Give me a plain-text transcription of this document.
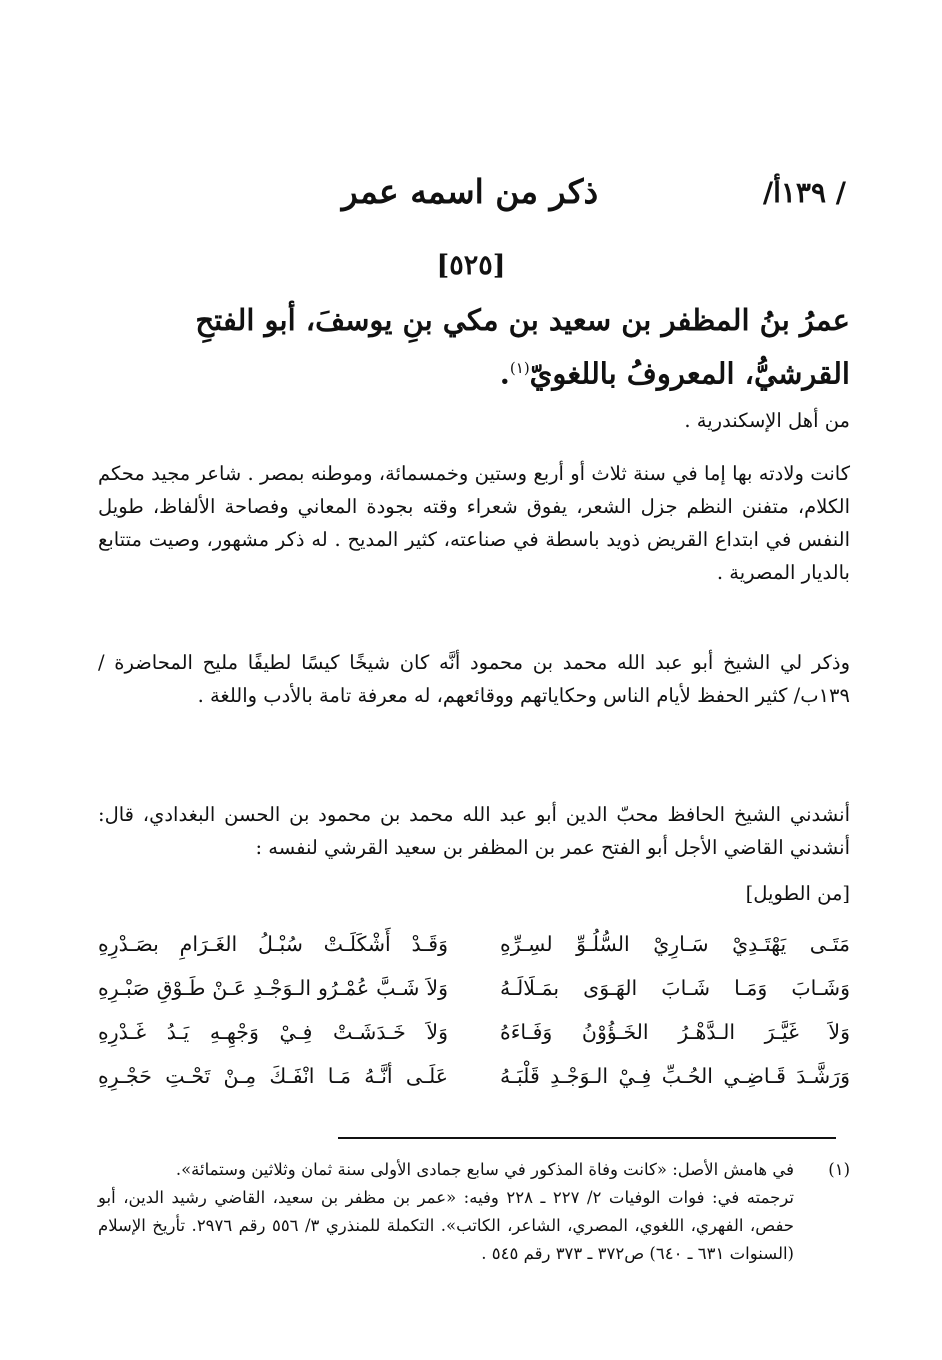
/ ١٣٩أ/
ذكر من اسمه عمر
[٥٢٥]
عمرُ بنُ المظفر بن سعيد بن مكي بنِ يوسفَ، أبو الفتحِ القرشيُّ، المعروفُ باللغويّ$^{(١)}$.

من أهل الإسكندرية .

كانت ولادته بها إما في سنة ثلاث أو أربع وستين وخمسمائة، وموطنه بمصر . شاعر مجيد محكم الكلام، متفنن النظم جزل الشعر، يفوق شعراء وقته بجودة المعاني وفصاحة الألفاظ، طويل النفس في ابتداع القريض ذويد باسطة في صناعته، كثير المديح . له ذكر مشهور، وصيت متتابع بالديار المصرية .

وذكر لي الشيخ أبو عبد الله محمد بن محمود أنَّه كان شيخًا كيسًا لطيفًا مليح المحاضرة / ١٣٩ب/ كثير الحفظ لأيام الناس وحكاياتهم ووقائعهم، له معرفة تامة بالأدب واللغة .

أنشدني الشيخ الحافظ محبّ الدين أبو عبد الله محمد بن محمود بن الحسن البغدادي، قال: أنشدني القاضي الأجل أبو الفتح عمر بن المظفر بن سعيد القرشي لنفسه :

[من الطويل]
مَتَـى يَهْتَـدِيْ سَـارِيْ السُّلُـوِّ لسِـرِّهِ
وَقَـدْ أَشْكَلَـتْ سُبْـلُ الغَـرَامِ بصَـدْرِهِ
وَشَـابَ وَمَـا شَـابَ الهَـوَى بمَـلَالَـهُ
وَلاَ شَـبَّ عُمْـرُو الـوَجْـدِ عَـنْ طَـوْقِ صَبْـرِهِ
وَلاَ غَيَّـرَ الـدَّهْـرُ الخَـؤُوْنُ وَفَـاءَهُ
وَلاَ خَـدَشَـتْ فِـيْ وَجْهِـهِ يَـدُ غَـدْرِهِ
وَرَشَّـدَ قَـاضِـي الحُـبِّ فِـيْ الـوَجْـدِ قَلْبَـهُ
عَلَـى أنَّـهُ مَـا انْفَـكَ مِـنْ تَحْـتِ حَجْـرِهِ
(١)
في هامش الأصل: «كانت وفاة المذكور في سابع جمادى الأولى سنة ثمان وثلاثين وستمائة».
ترجمته في: فوات الوفيات ٢/ ٢٢٧ ـ ٢٢٨ وفيه: «عمر بن مظفر بن سعيد، القاضي رشيد الدين، أبو حفص، الفهري، اللغوي، المصري، الشاعر، الكاتب». التكملة للمنذري ٣/ ٥٥٦ رقم ٢٩٧٦. تأريخ الإسلام (السنوات ٦٣١ ـ ٦٤٠) ص٣٧٢ ـ ٣٧٣ رقم ٥٤٥ .
